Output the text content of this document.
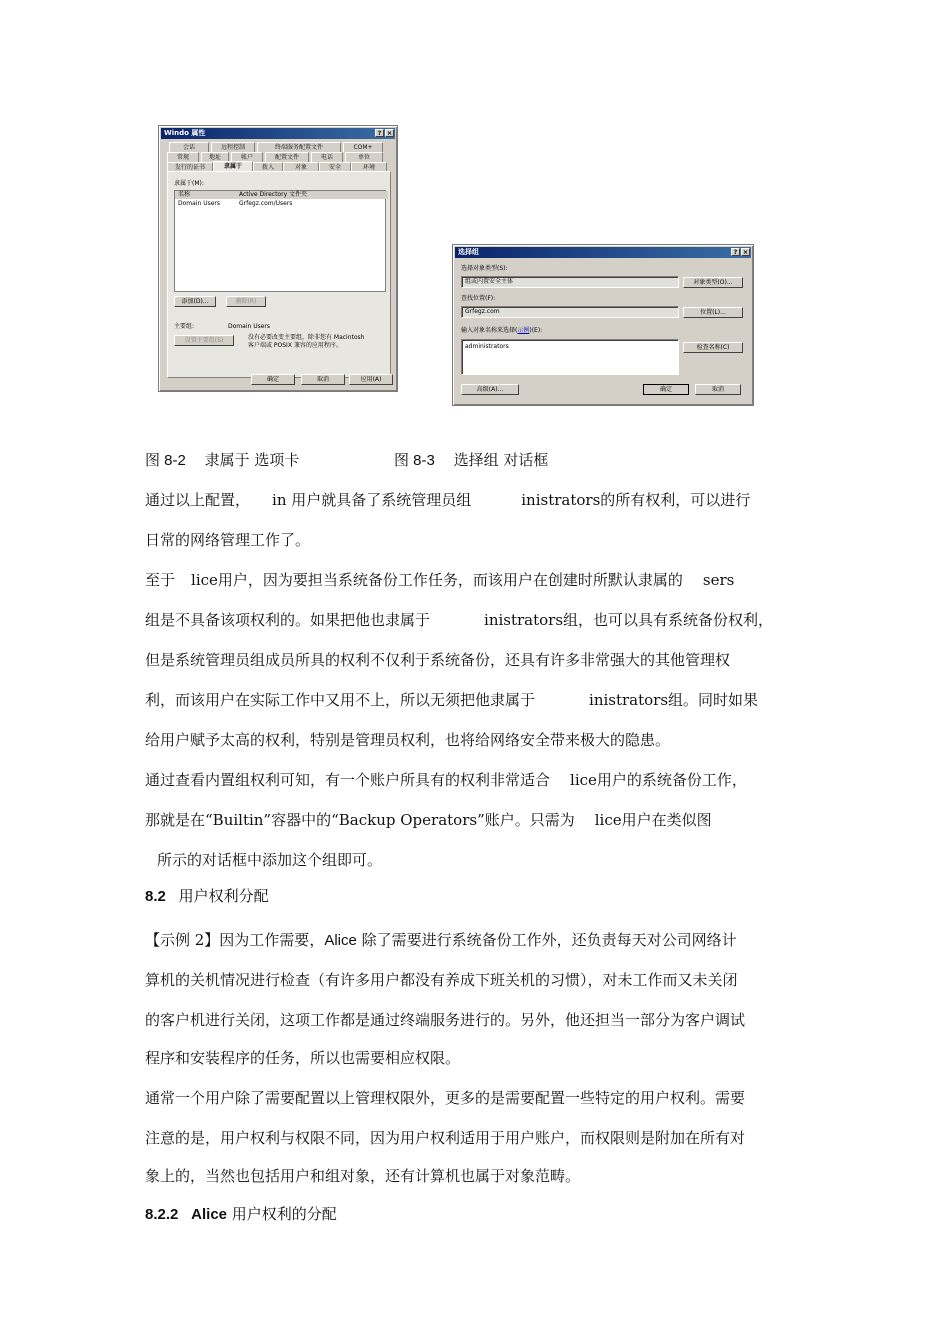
Windo 属性	? ×
会话	远程控制	终端服务配置文件	COM+
常规	地址	帐户	配置文件	电话	单位
发行的证书	隶属于	拨入	对象	安全	环境
隶属于(M):
名称	Active Directory 文件夹
Domain Users	Grfegz.com/Users
添加(D)...	删除(R)
主要组:	Domain Users
设置主要组(S)	没有必要改变主要组，除非您有 Macintosh
客户端或 POSIX 兼容的应用程序。
确定	取消	应用(A)
选择组	? ×
选择对象类型(S):
组或内置安全主体	对象类型(O)...
查找位置(F):
Grfegz.com	位置(L)...
输入对象名称来选择(示例)(E):
administrators	检查名称(C)
高级(A)...	确定	取消
图 8-2 隶属于 选项卡	图 8-3 选择组 对话框
通过以上配置， in 用户就具备了系统管理员组	inistrators的所有权利，可以进行
日常的网络管理工作了。
至于 lice用户，因为要担当系统备份工作任务，而该用户在创建时所默认隶属的 sers
组是不具备该项权利的。如果把他也隶属于	inistrators组，也可以具有系统备份权利，
但是系统管理员组成员所具的权利不仅利于系统备份，还具有许多非常强大的其他管理权
利，而该用户在实际工作中又用不上，所以无须把他隶属于	inistrators组。同时如果
给用户赋予太高的权利，特别是管理员权利，也将给网络安全带来极大的隐患。
通过查看内置组权利可知，有一个账户所具有的权利非常适合 lice用户的系统备份工作，
那就是在“Builtin”容器中的“Backup Operators”账户。只需为 lice用户在类似图
所示的对话框中添加这个组即可。
8.2 用户权利分配
【示例 2】因为工作需要，Alice 除了需要进行系统备份工作外，还负责每天对公司网络计
算机的关机情况进行检查（有许多用户都没有养成下班关机的习惯），对未工作而又未关闭
的客户机进行关闭，这项工作都是通过终端服务进行的。另外，他还担当一部分为客户调试
程序和安装程序的任务，所以也需要相应权限。
通常一个用户除了需要配置以上管理权限外，更多的是需要配置一些特定的用户权利。需要
注意的是，用户权利与权限不同，因为用户权利适用于用户账户，而权限则是附加在所有对
象上的，当然也包括用户和组对象，还有计算机也属于对象范畴。
8.2.2 Alice 用户权利的分配
